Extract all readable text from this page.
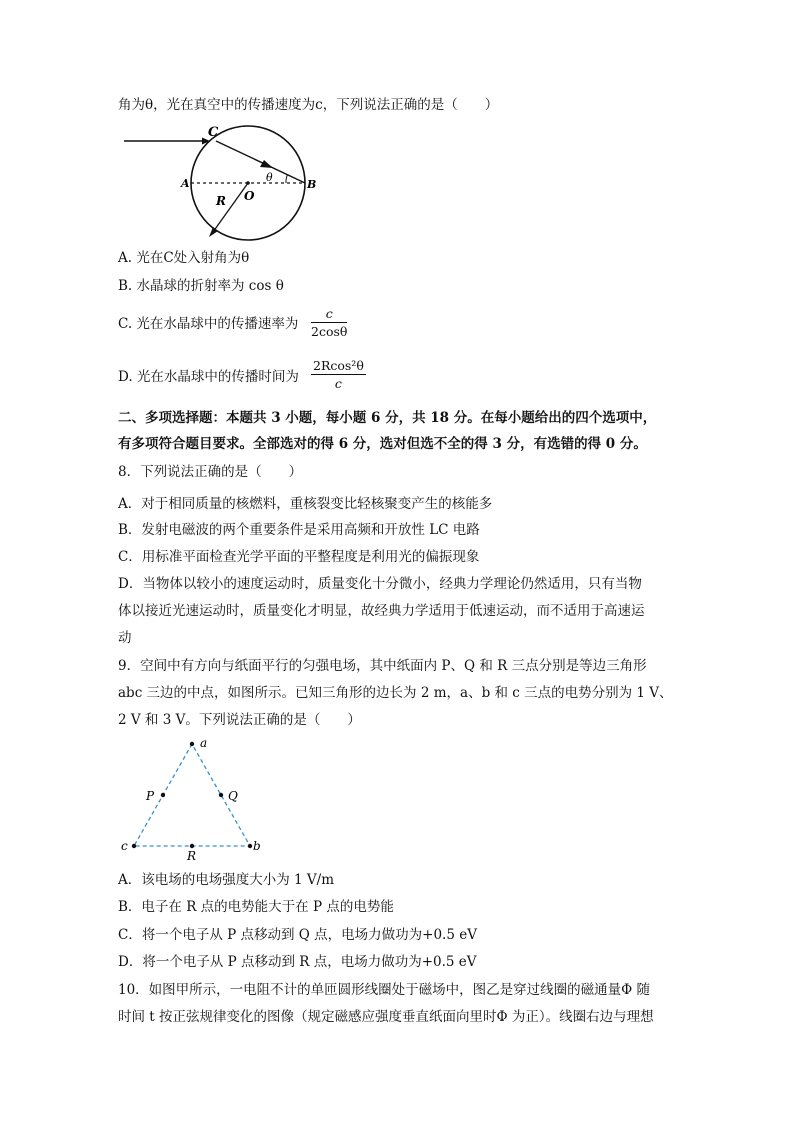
角为θ，光在真空中的传播速度为c，下列说法正确的是（　　）
C
A	B
O
R
θ
A. 光在C处入射角为θ
B. 水晶球的折射率为 cos θ
C. 光在水晶球中的传播速率为 $\frac{c}{2\cos\theta}$
D. 光在水晶球中的传播时间为 $\frac{\text{2Rcos²θ}}{c}$
二、多项选择题：本题共 3 小题，每小题 6 分，共 18 分。在每小题给出的四个选项中，
有多项符合题目要求。全部选对的得 6 分，选对但选不全的得 3 分，有选错的得 0 分。
8．下列说法正确的是（　　）
A．对于相同质量的核燃料，重核裂变比轻核聚变产生的核能多
B．发射电磁波的两个重要条件是采用高频和开放性 LC 电路
C．用标准平面检查光学平面的平整程度是利用光的偏振现象
D．当物体以较小的速度运动时，质量变化十分微小，经典力学理论仍然适用，只有当物
体以接近光速运动时，质量变化才明显，故经典力学适用于低速运动，而不适用于高速运
动
9．空间中有方向与纸面平行的匀强电场，其中纸面内 P、Q 和 R 三点分别是等边三角形
abc 三边的中点，如图所示。已知三角形的边长为 2 m，a、b 和 c 三点的电势分别为 1 V、
2 V 和 3 V。下列说法正确的是（　　）
a
c	b
P	Q
R
A．该电场的电场强度大小为 1 V/m
B．电子在 R 点的电势能大于在 P 点的电势能
C．将一个电子从 P 点移动到 Q 点，电场力做功为+0.5 eV
D．将一个电子从 P 点移动到 R 点，电场力做功为+0.5 eV
10．如图甲所示，一电阻不计的单匝圆形线圈处于磁场中，图乙是穿过线圈的磁通量Φ 随
时间 t 按正弦规律变化的图像（规定磁感应强度垂直纸面向里时Φ 为正）。线圈右边与理想
